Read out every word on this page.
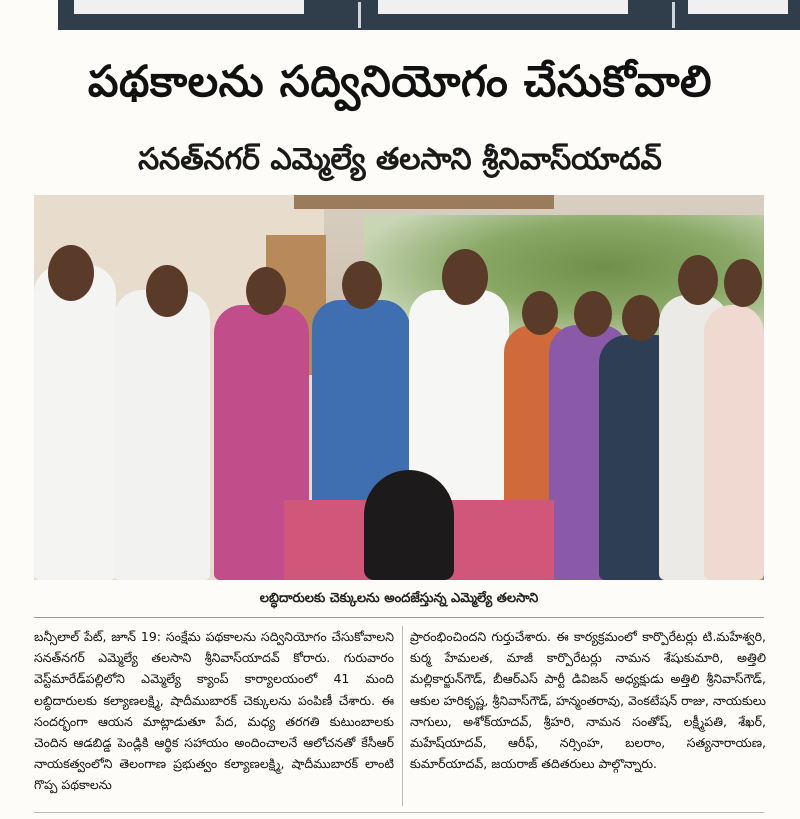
పథకాలను సద్వినియోగం చేసుకోవాలి
సనత్‌నగర్ ఎమ్మెల్యే తలసాని శ్రీనివాస్‌యాదవ్
లబ్ధిదారులకు చెక్కులను అందజేస్తున్న ఎమ్మెల్యే తలసాని
బన్సీలాల్ పేట్, జూన్ 19: సంక్షేమ పథకాలను సద్వినియోగం చేసుకోవాలని సనత్‌నగర్ ఎమ్మెల్యే తలసాని శ్రీనివాస్‌యాదవ్ కోరారు. గురువారం వెస్ట్‌మారేడ్‌పల్లిలోని ఎమ్మెల్యే క్యాంప్ కార్యాలయంలో 41 మంది లబ్ధిదారులకు కల్యాణలక్ష్మి, షాదీముబారక్ చెక్కులను పంపిణీ చేశారు. ఈ సందర్భంగా ఆయన మాట్లాడుతూ పేద, మధ్య తరగతి కుటుంబాలకు చెందిన ఆడబిడ్డ పెండ్లికి ఆర్థిక సహాయం అందించాలనే ఆలోచనతో కేసీఆర్ నాయకత్వంలోని తెలంగాణ ప్రభుత్వం కల్యాణలక్ష్మి, షాదీముబారక్ లాంటి గొప్ప పథకాలను
ప్రారంభించిందని గుర్తుచేశారు. ఈ కార్యక్రమంలో కార్పొరేటర్లు టి.మహేశ్వరి, కుర్మ హేమలత, మాజీ కార్పొరేటర్లు నామన శేషుకుమారి, అత్తిలి మల్లికార్జున్‌గౌడ్, బీఆర్‌ఎస్ పార్టీ డివిజన్ అధ్యక్షుడు అత్తిలి శ్రీనివాస్‌గౌడ్, ఆకుల హరికృష్ణ, శ్రీనివాస్‌గౌడ్, హన్మంతరావు, వెంకటేషన్ రాజు, నాయకులు నాగులు, అశోక్‌యాదవ్, శ్రీహరి, నామన సంతోష్, లక్ష్మీపతి, శేఖర్, మహేష్‌యాదవ్, ఆరీఫ్, నర్సింహ, బలరాం, సత్యనారాయణ, కుమార్‌యాదవ్, జయరాజ్ తదితరులు పాల్గొన్నారు.
